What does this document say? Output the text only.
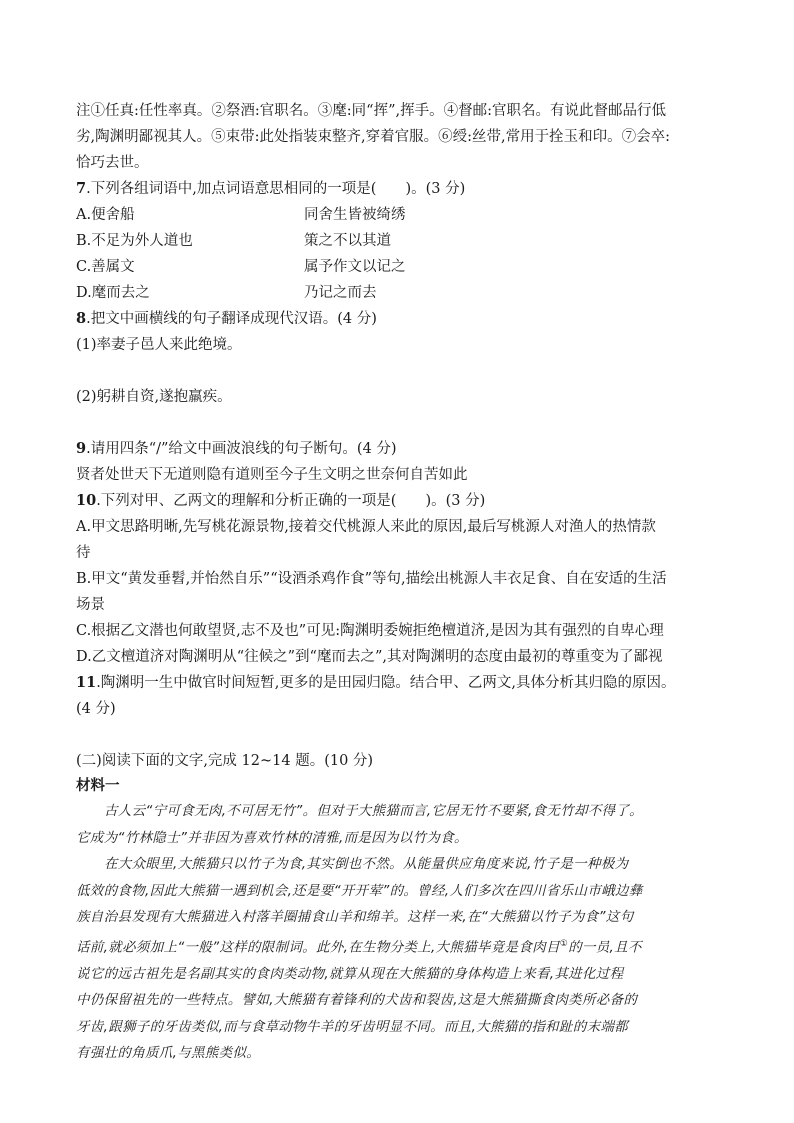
注①任真:任性率真。②祭酒:官职名。③麾:同“挥”,挥手。④督邮:官职名。有说此督邮品行低
劣,陶渊明鄙视其人。⑤束带:此处指装束整齐,穿着官服。⑥绶:丝带,常用于拴玉和印。⑦会卒:
恰巧去世。
7.下列各组词语中,加点词语意思相同的一项是(　　)。(3 分)
A.便舍船	同舍生皆被绮绣
B.不足为外人道也	策之不以其道
C.善属文	属予作文以记之
D.麾而去之	乃记之而去
8.把文中画横线的句子翻译成现代汉语。(4 分)
(1)率妻子邑人来此绝境。
(2)躬耕自资,遂抱羸疾。
9.请用四条“/”给文中画波浪线的句子断句。(4 分)
贤者处世天下无道则隐有道则至今子生文明之世奈何自苦如此
10.下列对甲、乙两文的理解和分析正确的一项是(　　)。(3 分)
A.甲文思路明晰,先写桃花源景物,接着交代桃源人来此的原因,最后写桃源人对渔人的热情款
待
B.甲文“黄发垂髫,并怡然自乐”“设酒杀鸡作食”等句,描绘出桃源人丰衣足食、自在安适的生活
场景
C.根据乙文潜也何敢望贤,志不及也”可见:陶渊明委婉拒绝檀道济,是因为其有强烈的自卑心理
D.乙文檀道济对陶渊明从“往候之”到“麾而去之”,其对陶渊明的态度由最初的尊重变为了鄙视
11.陶渊明一生中做官时间短暂,更多的是田园归隐。结合甲、乙两文,具体分析其归隐的原因。
(4 分)
(二)阅读下面的文字,完成 12~14 题。(10 分)
材料一
古人云“宁可食无肉,不可居无竹”。但对于大熊猫而言,它居无竹不要紧,食无竹却不得了。
它成为“竹林隐士”并非因为喜欢竹林的清雅,而是因为以竹为食。
在大众眼里,大熊猫只以竹子为食,其实倒也不然。从能量供应角度来说,竹子是一种极为
低效的食物,因此大熊猫一遇到机会,还是要“开开荤”的。曾经,人们多次在四川省乐山市峨边彝
族自治县发现有大熊猫进入村落羊圈捕食山羊和绵羊。这样一来,在“大熊猫以竹子为食”这句
话前,就必须加上“一般”这样的限制词。此外,在生物分类上,大熊猫毕竟是食肉目①的一员,且不
说它的远古祖先是名副其实的食肉类动物,就算从现在大熊猫的身体构造上来看,其进化过程
中仍保留祖先的一些特点。譬如,大熊猫有着锋利的犬齿和裂齿,这是大熊猫撕食肉类所必备的
牙齿,跟狮子的牙齿类似,而与食草动物牛羊的牙齿明显不同。而且,大熊猫的指和趾的末端都
有强壮的角质爪,与黑熊类似。
